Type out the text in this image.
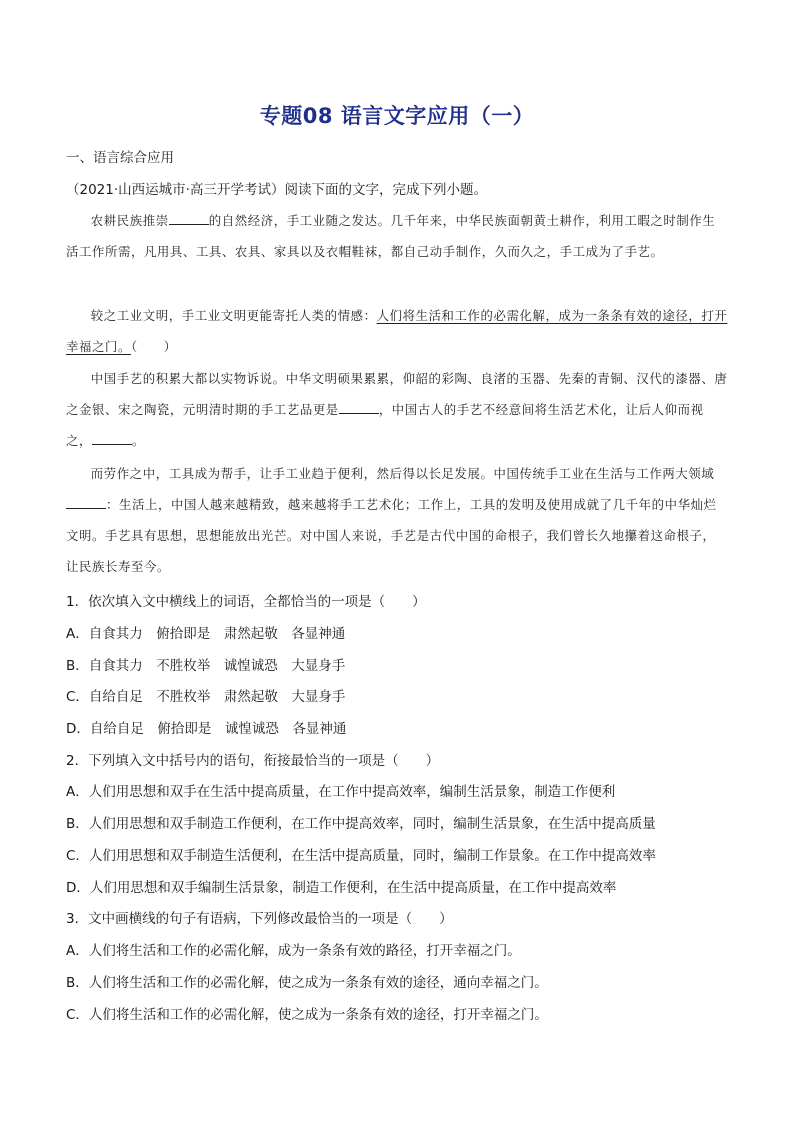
专题08 语言文字应用（一）
一、语言综合应用
（2021·山西运城市·高三开学考试）阅读下面的文字，完成下列小题。
农耕民族推崇	的自然经济，手工业随之发达。几千年来，中华民族面朝黄土耕作，利用工暇之时制作生活工作所需，凡用具、工具、农具、家具以及衣帽鞋袜，都自己动手制作，久而久之，手工成为了手艺。
较之工业文明，手工业文明更能寄托人类的情感：人们将生活和工作的必需化解，成为一条条有效的途径，打开幸福之门。（　　）
中国手艺的积累大都以实物诉说。中华文明硕果累累，仰韶的彩陶、良渚的玉器、先秦的青铜、汉代的漆器、唐之金银、宋之陶瓷，元明清时期的手工艺品更是	，中国古人的手艺不经意间将生活艺术化，让后人仰而视之，	。
而劳作之中，工具成为帮手，让手工业趋于便利，然后得以长足发展。中国传统手工业在生活与工作两大领域：生活上，中国人越来越精致，越来越将手工艺术化；工作上，工具的发明及使用成就了几千年的中华灿烂文明。手艺具有思想，思想能放出光芒。对中国人来说，手艺是古代中国的命根子，我们曾长久地攥着这命根子，让民族长寿至今。
1．依次填入文中横线上的词语，全都恰当的一项是（　　）
A．自食其力　俯拾即是　肃然起敬　各显神通
B．自食其力　不胜枚举　诚惶诚恐　大显身手
C．自给自足　不胜枚举　肃然起敬　大显身手
D．自给自足　俯拾即是　诚惶诚恐　各显神通
2．下列填入文中括号内的语句，衔接最恰当的一项是（　　）
A．人们用思想和双手在生活中提高质量，在工作中提高效率，编制生活景象，制造工作便利
B．人们用思想和双手制造工作便利，在工作中提高效率，同时，编制生活景象，在生活中提高质量
C．人们用思想和双手制造生活便利，在生活中提高质量，同时，编制工作景象。在工作中提高效率
D．人们用思想和双手编制生活景象，制造工作便利，在生活中提高质量，在工作中提高效率
3．文中画横线的句子有语病，下列修改最恰当的一项是（　　）
A．人们将生活和工作的必需化解，成为一条条有效的路径，打开幸福之门。
B．人们将生活和工作的必需化解，使之成为一条条有效的途径，通向幸福之门。
C．人们将生活和工作的必需化解，使之成为一条条有效的途径，打开幸福之门。
